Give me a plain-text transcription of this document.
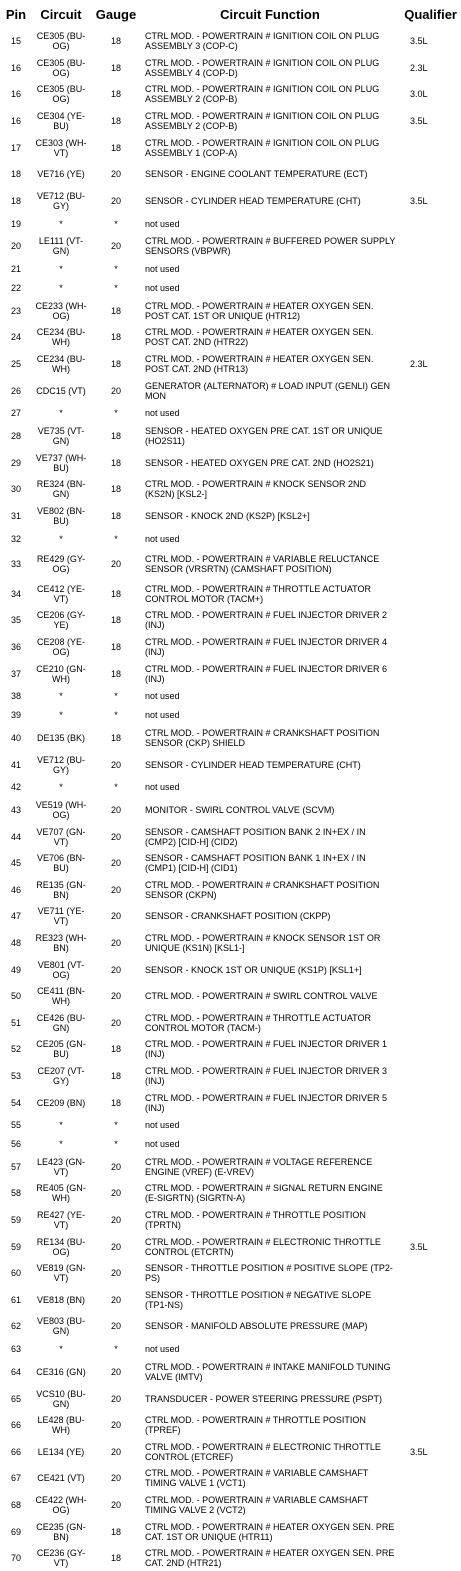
Pin	Circuit	Gauge	Circuit Function	Qualifier
15	CE305 (BU-OG)	18	CTRL MOD. - POWERTRAIN # IGNITION COIL ON PLUG ASSEMBLY 3 (COP-C)	3.5L
16	CE305 (BU-OG)	18	CTRL MOD. - POWERTRAIN # IGNITION COIL ON PLUG ASSEMBLY 4 (COP-D)	2.3L
16	CE305 (BU-OG)	18	CTRL MOD. - POWERTRAIN # IGNITION COIL ON PLUG ASSEMBLY 2 (COP-B)	3.0L
16	CE304 (YE-BU)	18	CTRL MOD. - POWERTRAIN # IGNITION COIL ON PLUG ASSEMBLY 2 (COP-B)	3.5L
17	CE303 (WH-VT)	18	CTRL MOD. - POWERTRAIN # IGNITION COIL ON PLUG ASSEMBLY 1 (COP-A)	
18	VE716 (YE)	20	SENSOR - ENGINE COOLANT TEMPERATURE (ECT)	
18	VE712 (BU-GY)	20	SENSOR - CYLINDER HEAD TEMPERATURE (CHT)	3.5L
19	*	*	not used	
20	LE111 (VT-GN)	20	CTRL MOD. - POWERTRAIN # BUFFERED POWER SUPPLY SENSORS (VBPWR)	
21	*	*	not used	
22	*	*	not used	
23	CE233 (WH-OG)	18	CTRL MOD. - POWERTRAIN # HEATER OXYGEN SEN. POST CAT. 1ST OR UNIQUE (HTR12)	
24	CE234 (BU-WH)	18	CTRL MOD. - POWERTRAIN # HEATER OXYGEN SEN. POST CAT. 2ND (HTR22)	
25	CE234 (BU-WH)	18	CTRL MOD. - POWERTRAIN # HEATER OXYGEN SEN. POST CAT. 2ND (HTR13)	2.3L
26	CDC15 (VT)	20	GENERATOR (ALTERNATOR) # LOAD INPUT (GENLI) GEN MON	
27	*	*	not used	
28	VE735 (VT-GN)	18	SENSOR - HEATED OXYGEN PRE CAT. 1ST OR UNIQUE (HO2S11)	
29	VE737 (WH-BU)	18	SENSOR - HEATED OXYGEN PRE CAT. 2ND (HO2S21)	
30	RE324 (BN-GN)	18	CTRL MOD. - POWERTRAIN # KNOCK SENSOR 2ND (KS2N) [KSL2-]	
31	VE802 (BN-BU)	18	SENSOR - KNOCK 2ND (KS2P) [KSL2+]	
32	*	*	not used	
33	RE429 (GY-OG)	20	CTRL MOD. - POWERTRAIN # VARIABLE RELUCTANCE SENSOR (VRSRTN) (CAMSHAFT POSITION)	
34	CE412 (YE-VT)	18	CTRL MOD. - POWERTRAIN # THROTTLE ACTUATOR CONTROL MOTOR (TACM+)	
35	CE206 (GY-YE)	18	CTRL MOD. - POWERTRAIN # FUEL INJECTOR DRIVER 2 (INJ)	
36	CE208 (YE-OG)	18	CTRL MOD. - POWERTRAIN # FUEL INJECTOR DRIVER 4 (INJ)	
37	CE210 (GN-WH)	18	CTRL MOD. - POWERTRAIN # FUEL INJECTOR DRIVER 6 (INJ)	
38	*	*	not used	
39	*	*	not used	
40	DE135 (BK)	18	CTRL MOD. - POWERTRAIN # CRANKSHAFT POSITION SENSOR (CKP) SHIELD	
41	VE712 (BU-GY)	20	SENSOR - CYLINDER HEAD TEMPERATURE (CHT)	
42	*	*	not used	
43	VE519 (WH-OG)	20	MONITOR - SWIRL CONTROL VALVE (SCVM)	
44	VE707 (GN-VT)	20	SENSOR - CAMSHAFT POSITION BANK 2 IN+EX / IN (CMP2) [CID-H] (CID2)	
45	VE706 (BN-BU)	20	SENSOR - CAMSHAFT POSITION BANK 1 IN+EX / IN (CMP1) [CID-H] (CID1)	
46	RE135 (GN-BN)	20	CTRL MOD. - POWERTRAIN # CRANKSHAFT POSITION SENSOR (CKPN)	
47	VE711 (YE-VT)	20	SENSOR - CRANKSHAFT POSITION (CKPP)	
48	RE323 (WH-BN)	20	CTRL MOD. - POWERTRAIN # KNOCK SENSOR 1ST OR UNIQUE (KS1N) [KSL1-]	
49	VE801 (VT-OG)	20	SENSOR - KNOCK 1ST OR UNIQUE (KS1P) [KSL1+]	
50	CE411 (BN-WH)	20	CTRL MOD. - POWERTRAIN # SWIRL CONTROL VALVE	
51	CE426 (BU-GN)	20	CTRL MOD. - POWERTRAIN # THROTTLE ACTUATOR CONTROL MOTOR (TACM-)	
52	CE205 (GN-BU)	18	CTRL MOD. - POWERTRAIN # FUEL INJECTOR DRIVER 1 (INJ)	
53	CE207 (VT-GY)	18	CTRL MOD. - POWERTRAIN # FUEL INJECTOR DRIVER 3 (INJ)	
54	CE209 (BN)	18	CTRL MOD. - POWERTRAIN # FUEL INJECTOR DRIVER 5 (INJ)	
55	*	*	not used	
56	*	*	not used	
57	LE423 (GN-VT)	20	CTRL MOD. - POWERTRAIN # VOLTAGE REFERENCE ENGINE (VREF) (E-VREV)	
58	RE405 (GN-WH)	20	CTRL MOD. - POWERTRAIN # SIGNAL RETURN ENGINE (E-SIGRTN) (SIGRTN-A)	
59	RE427 (YE-VT)	20	CTRL MOD. - POWERTRAIN # THROTTLE POSITION (TPRTN)	
59	RE134 (BU-OG)	20	CTRL MOD. - POWERTRAIN # ELECTRONIC THROTTLE CONTROL (ETCRTN)	3.5L
60	VE819 (GN-VT)	20	SENSOR - THROTTLE POSITION # POSITIVE SLOPE (TP2-PS)	
61	VE818 (BN)	20	SENSOR - THROTTLE POSITION # NEGATIVE SLOPE (TP1-NS)	
62	VE803 (BU-GN)	20	SENSOR - MANIFOLD ABSOLUTE PRESSURE (MAP)	
63	*	*	not used	
64	CE316 (GN)	20	CTRL MOD. - POWERTRAIN # INTAKE MANIFOLD TUNING VALVE (IMTV)	
65	VCS10 (BU-GN)	20	TRANSDUCER - POWER STEERING PRESSURE (PSPT)	
66	LE428 (BU-WH)	20	CTRL MOD. - POWERTRAIN # THROTTLE POSITION (TPREF)	
66	LE134 (YE)	20	CTRL MOD. - POWERTRAIN # ELECTRONIC THROTTLE CONTROL (ETCREF)	3.5L
67	CE421 (VT)	20	CTRL MOD. - POWERTRAIN # VARIABLE CAMSHAFT TIMING VALVE 1 (VCT1)	
68	CE422 (WH-OG)	20	CTRL MOD. - POWERTRAIN # VARIABLE CAMSHAFT TIMING VALVE 2 (VCT2)	
69	CE235 (GN-BN)	18	CTRL MOD. - POWERTRAIN # HEATER OXYGEN SEN. PRE CAT. 1ST OR UNIQUE (HTR11)	
70	CE236 (GY-VT)	18	CTRL MOD. - POWERTRAIN # HEATER OXYGEN SEN. PRE CAT. 2ND (HTR21)	
